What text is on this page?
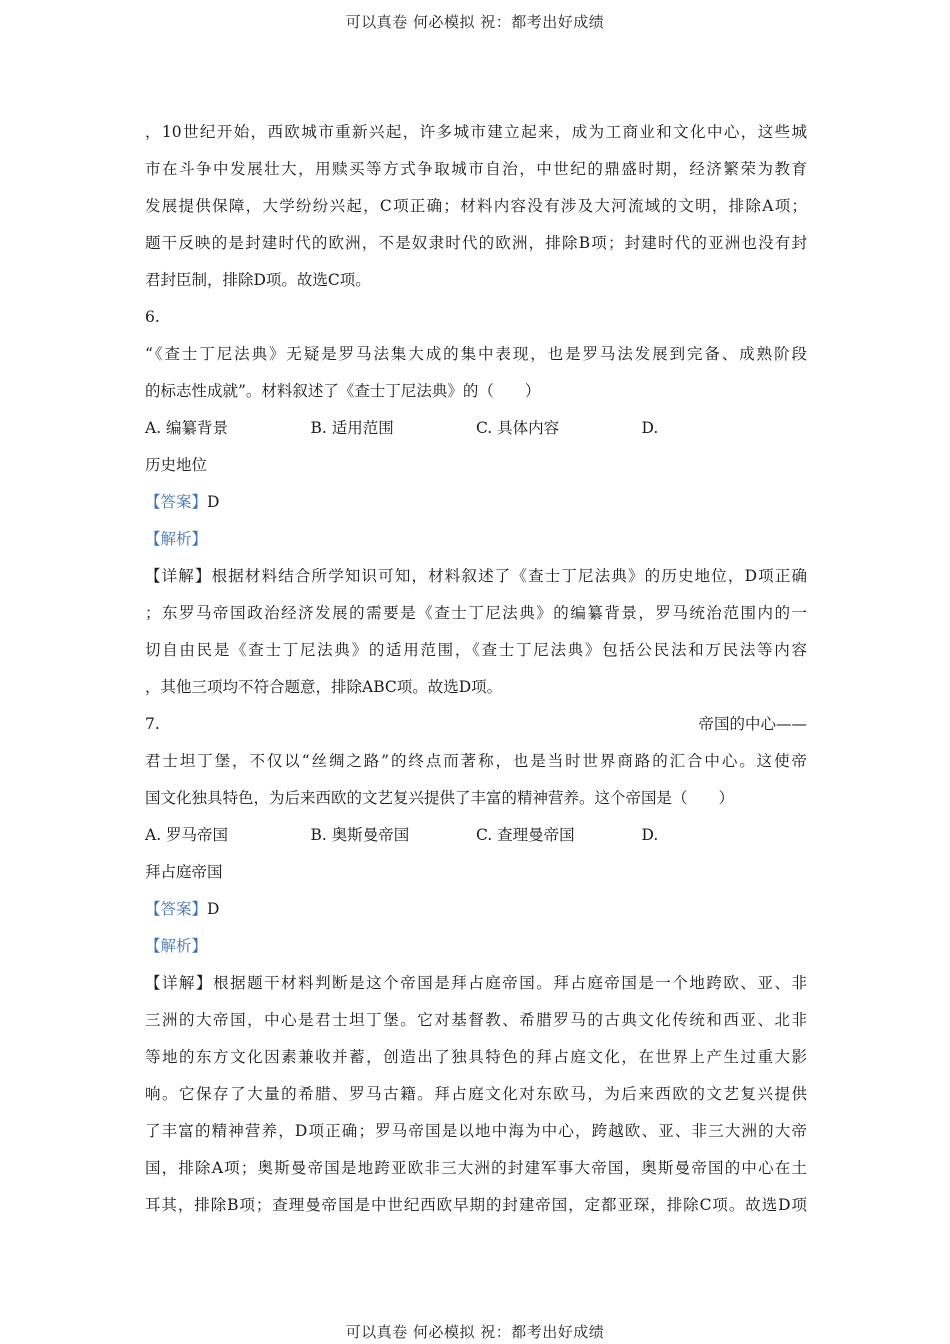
可以真卷 何必模拟 祝：都考出好成绩
，10世纪开始，西欧城市重新兴起，许多城市建立起来，成为工商业和文化中心，这些城
市在斗争中发展壮大，用赎买等方式争取城市自治，中世纪的鼎盛时期，经济繁荣为教育
发展提供保障，大学纷纷兴起，C项正确；材料内容没有涉及大河流域的文明，排除A项；
题干反映的是封建时代的欧洲，不是奴隶时代的欧洲，排除B项；封建时代的亚洲也没有封
君封臣制，排除D项。故选C项。
6.
“《查士丁尼法典》无疑是罗马法集大成的集中表现，也是罗马法发展到完备、成熟阶段
的标志性成就”。材料叙述了《查士丁尼法典》的（　　）
A. 编纂背景	B. 适用范围	C. 具体内容	D.
历史地位
【答案】D
【解析】
【详解】根据材料结合所学知识可知，材料叙述了《查士丁尼法典》的历史地位，D项正确
；东罗马帝国政治经济发展的需要是《查士丁尼法典》的编纂背景，罗马统治范围内的一
切自由民是《查士丁尼法典》的适用范围，《查士丁尼法典》包括公民法和万民法等内容
，其他三项均不符合题意，排除ABC项。故选D项。
7.	帝国的中心——
君士坦丁堡，不仅以“丝绸之路”的终点而著称，也是当时世界商路的汇合中心。这使帝
国文化独具特色，为后来西欧的文艺复兴提供了丰富的精神营养。这个帝国是（　　）
A. 罗马帝国	B. 奥斯曼帝国	C. 查理曼帝国	D.
拜占庭帝国
【答案】D
【解析】
【详解】根据题干材料判断是这个帝国是拜占庭帝国。拜占庭帝国是一个地跨欧、亚、非
三洲的大帝国，中心是君士坦丁堡。它对基督教、希腊罗马的古典文化传统和西亚、北非
等地的东方文化因素兼收并蓄，创造出了独具特色的拜占庭文化，在世界上产生过重大影
响。它保存了大量的希腊、罗马古籍。拜占庭文化对东欧马，为后来西欧的文艺复兴提供
了丰富的精神营养，D项正确；罗马帝国是以地中海为中心，跨越欧、亚、非三大洲的大帝
国，排除A项；奥斯曼帝国是地跨亚欧非三大洲的封建军事大帝国，奥斯曼帝国的中心在土
耳其，排除B项；查理曼帝国是中世纪西欧早期的封建帝国，定都亚琛，排除C项。故选D项
可以真卷 何必模拟 祝：都考出好成绩
